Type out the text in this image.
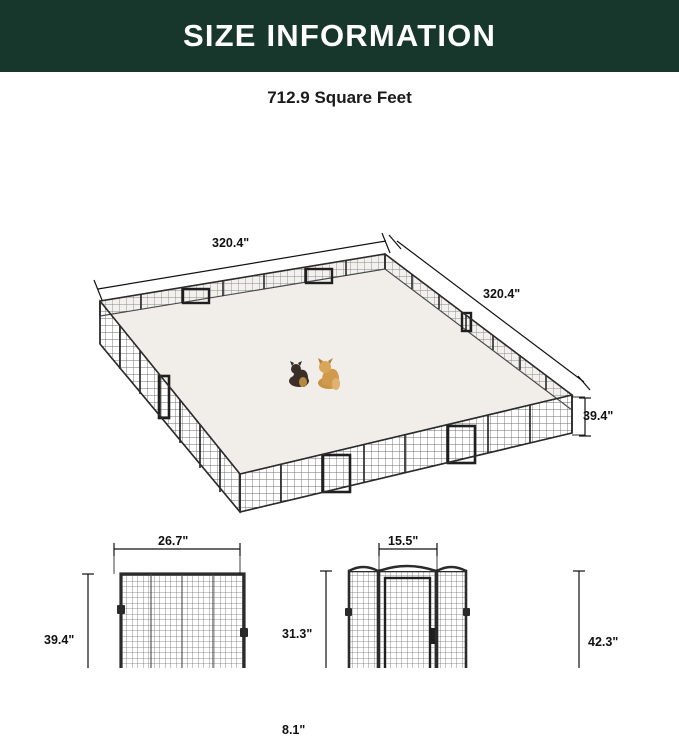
SIZE INFORMATION
712.9 Square Feet
320.4"
320.4"
39.4"
26.7"
39.4"
15.5"
31.3"
8.1"
42.3"
